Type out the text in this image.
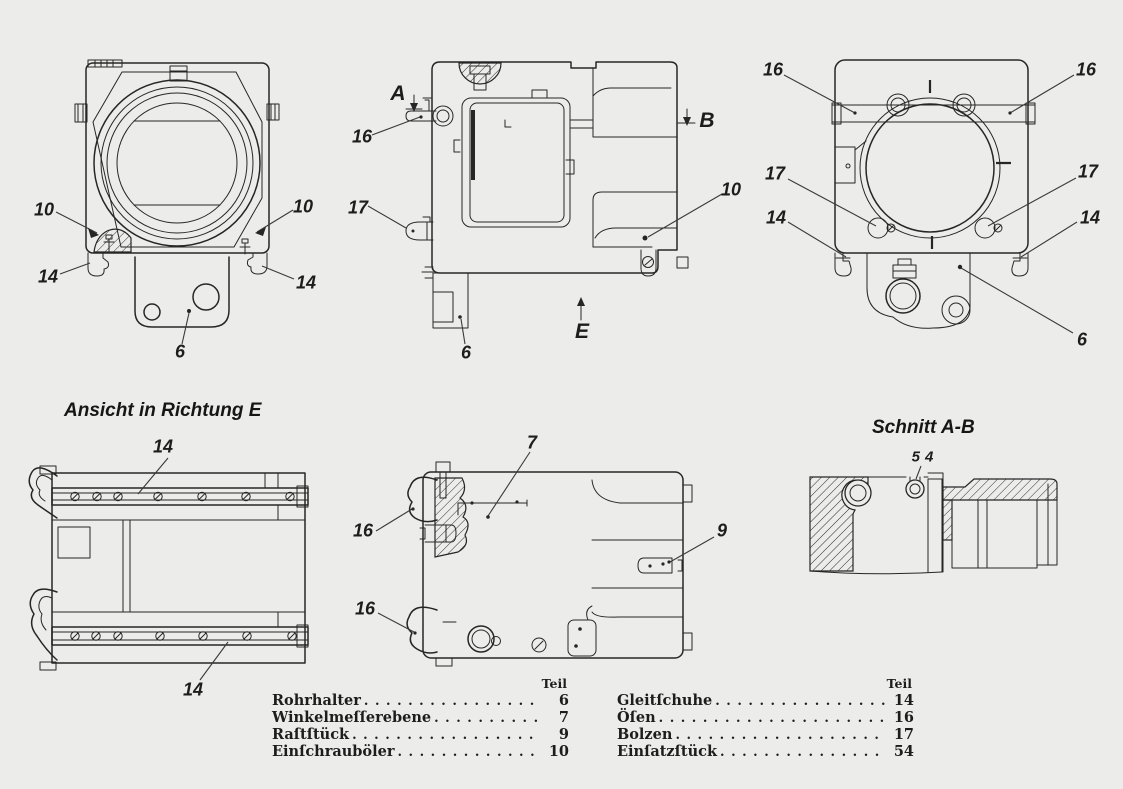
Ansicht in Richtung E
Schnitt A-B
10	10
14	14
6
A
16
17
B
10
6
E
16	16
17	17
14	14
6
14
14
7
16
16
9
54
Teil
Rohrhalter . . .	6
Winkelmeſſerebene . . .	7
Raſtſtück . . .	9
Einſchrauböler . . .	10
Teil
Gleitſchuhe . . .	14
Öſen . . .	16
Bolzen . . .	17
Einſatzſtück . . .	54
